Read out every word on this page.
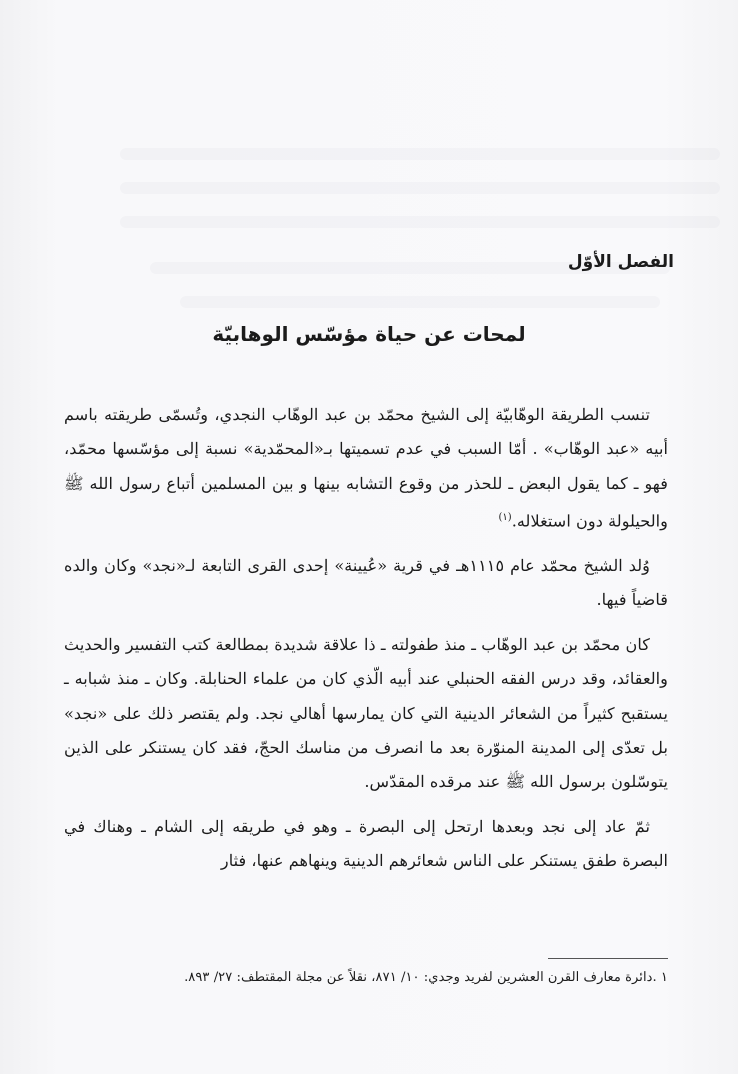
الفصل الأوّل
لمحات عن حياة مؤسّس الوهابيّة

تنسب الطريقة الوهّابيّة إلى الشيخ محمّد بن عبد الوهّاب النجدي، وتُسمّى طريقته باسم أبيه «عبد الوهّاب» . أمّا السبب في عدم تسميتها بـ«المحمّدية» نسبة إلى مؤسّسها محمّد، فهو ـ كما يقول البعض ـ للحذر من وقوع التشابه بينها و بين المسلمين أتباع رسول الله ﷺ والحيلولة دون استغلاله.$^{(١)}$

وُلد الشيخ محمّد عام ١١١٥هـ في قرية «عُيينة» إحدى القرى التابعة لـ«نجد» وكان والده قاضياً فيها.

كان محمّد بن عبد الوهّاب ـ منذ طفولته ـ ذا علاقة شديدة بمطالعة كتب التفسير والحديث والعقائد، وقد درس الفقه الحنبلي عند أبيه الّذي كان من علماء الحنابلة. وكان ـ منذ شبابه ـ يستقبح كثيراً من الشعائر الدينية التي كان يمارسها أهالي نجد. ولم يقتصر ذلك على «نجد» بل تعدّى إلى المدينة المنوّرة بعد ما انصرف من مناسك الحجّ، فقد كان يستنكر على الذين يتوسّلون برسول الله ﷺ عند مرقده المقدّس.

ثمّ عاد إلى نجد وبعدها ارتحل إلى البصرة ـ وهو في طريقه إلى الشام ـ وهناك في البصرة طفق يستنكر على الناس شعائرهم الدينية وينهاهم عنها، فثار

١ .دائرة معارف القرن العشرين لفريد وجدي: ١٠/ ٨٧١، نقلاً عن مجلة المقتطف: ٢٧/ ٨٩٣.
